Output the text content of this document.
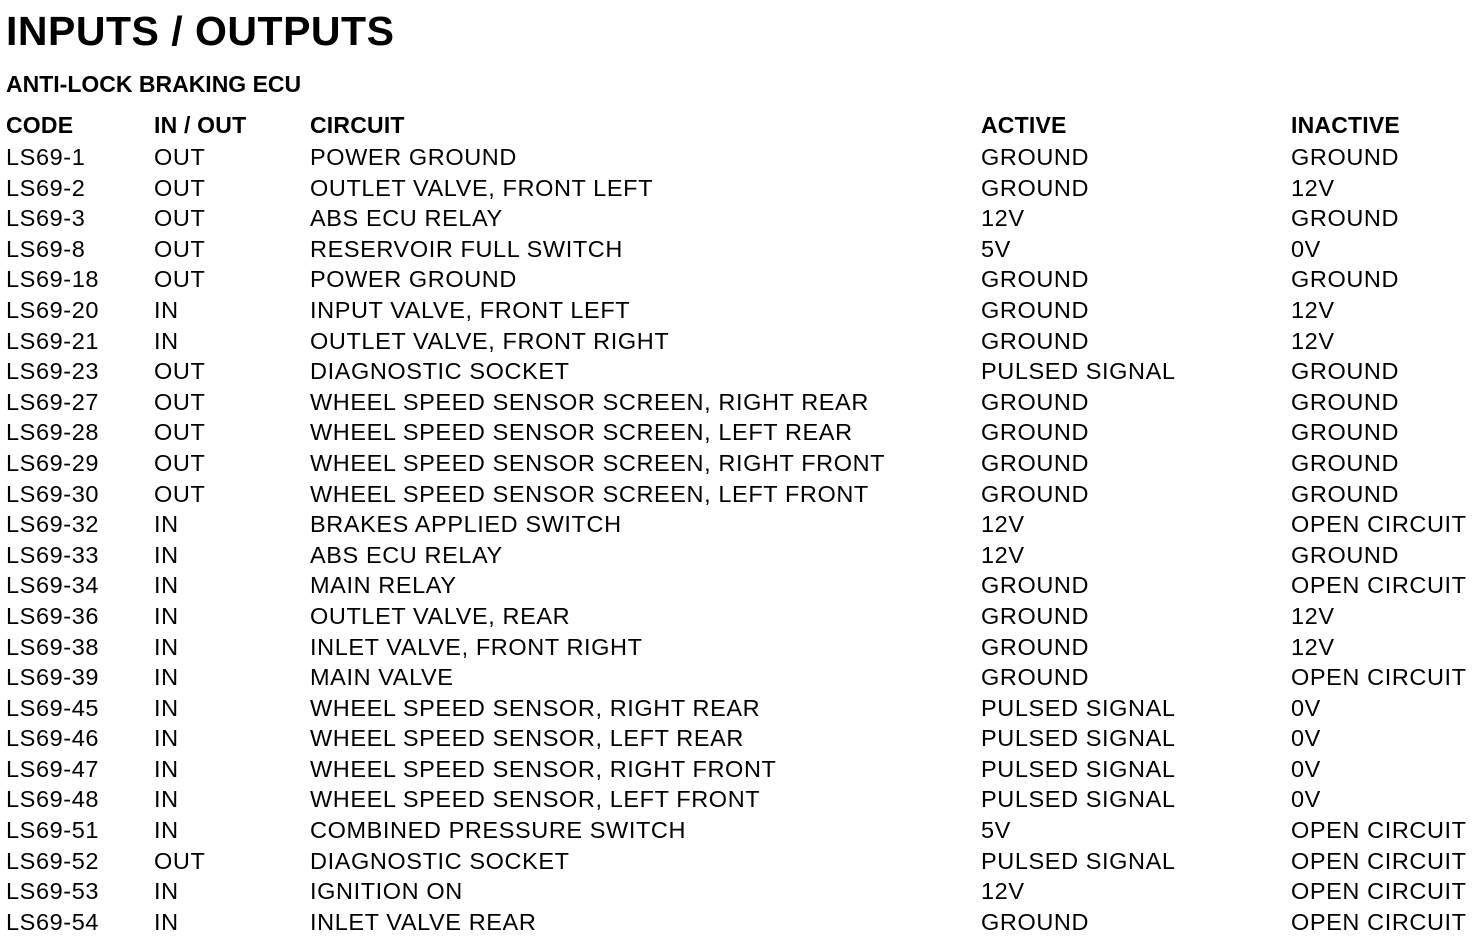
INPUTS / OUTPUTS
ANTI-LOCK BRAKING ECU
CODE	IN / OUT	CIRCUIT	ACTIVE	INACTIVE
LS69-1	OUT	POWER GROUND	GROUND	GROUND
LS69-2	OUT	OUTLET VALVE, FRONT LEFT	GROUND	12V
LS69-3	OUT	ABS ECU RELAY	12V	GROUND
LS69-8	OUT	RESERVOIR FULL SWITCH	5V	0V
LS69-18 OUT	POWER GROUND	GROUND	GROUND
LS69-20 IN	INPUT VALVE, FRONT LEFT	GROUND	12V
LS69-21 IN	OUTLET VALVE, FRONT RIGHT	GROUND	12V
LS69-23 OUT	DIAGNOSTIC SOCKET	PULSED SIGNAL	GROUND
LS69-27 OUT	WHEEL SPEED SENSOR SCREEN, RIGHT REAR	GROUND	GROUND
LS69-28 OUT	WHEEL SPEED SENSOR SCREEN, LEFT REAR	GROUND	GROUND
LS69-29 OUT	WHEEL SPEED SENSOR SCREEN, RIGHT FRONT	GROUND	GROUND
LS69-30 OUT	WHEEL SPEED SENSOR SCREEN, LEFT FRONT	GROUND	GROUND
LS69-32 IN	BRAKES APPLIED SWITCH	12V	OPEN CIRCUIT
LS69-33 IN	ABS ECU RELAY	12V	GROUND
LS69-34 IN	MAIN RELAY	GROUND	OPEN CIRCUIT
LS69-36 IN	OUTLET VALVE, REAR	GROUND	12V
LS69-38 IN	INLET VALVE, FRONT RIGHT	GROUND	12V
LS69-39 IN	MAIN VALVE	GROUND	OPEN CIRCUIT
LS69-45 IN	WHEEL SPEED SENSOR, RIGHT REAR	PULSED SIGNAL	0V
LS69-46 IN	WHEEL SPEED SENSOR, LEFT REAR	PULSED SIGNAL	0V
LS69-47 IN	WHEEL SPEED SENSOR, RIGHT FRONT	PULSED SIGNAL	0V
LS69-48 IN	WHEEL SPEED SENSOR, LEFT FRONT	PULSED SIGNAL	0V
LS69-51 IN	COMBINED PRESSURE SWITCH	5V	OPEN CIRCUIT
LS69-52 OUT	DIAGNOSTIC SOCKET	PULSED SIGNAL	OPEN CIRCUIT
LS69-53 IN	IGNITION ON	12V	OPEN CIRCUIT
LS69-54 IN	INLET VALVE REAR	GROUND	OPEN CIRCUIT
